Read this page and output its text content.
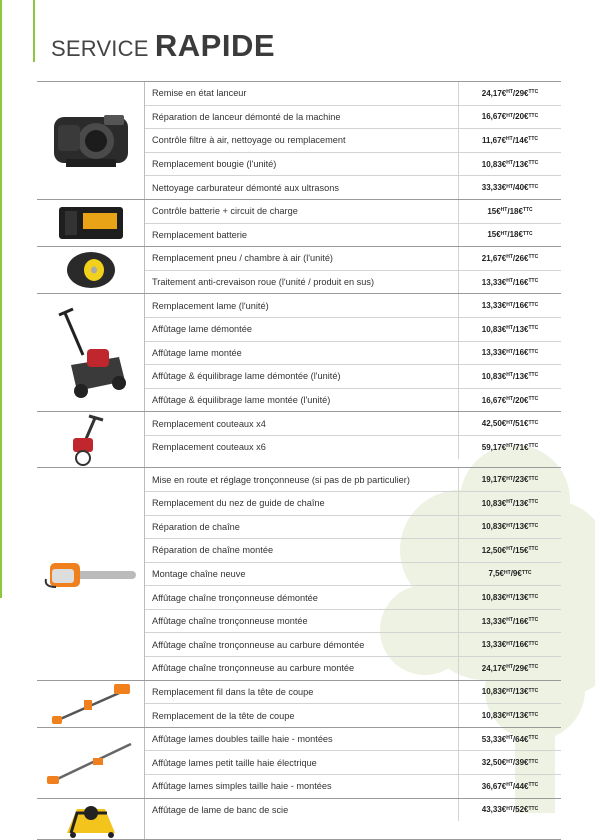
SERVICE RAPIDE
Remise en état lanceur	24,17€$^{HT}$ / 29€$^{TTC}$
Réparation de lanceur démonté de la machine	16,67€$^{HT}$ / 20€$^{TTC}$
Contrôle filtre à air, nettoyage ou remplacement	11,67€$^{HT}$ / 14€$^{TTC}$
Remplacement bougie (l'unité)	10,83€$^{HT}$ / 13€$^{TTC}$
Nettoyage carburateur démonté aux ultrasons	33,33€$^{HT}$ / 40€$^{TTC}$
Contrôle batterie + circuit de charge	15€$^{HT}$ / 18€$^{TTC}$
Remplacement batterie	15€$^{HT}$ / 18€$^{TTC}$
Remplacement pneu / chambre à air (l'unité)	21,67€$^{HT}$ / 26€$^{TTC}$
Traitement anti-crevaison roue (l'unité / produit en sus)	13,33€$^{HT}$ / 16€$^{TTC}$
Remplacement lame (l'unité)	13,33€$^{HT}$ / 16€$^{TTC}$
Affûtage lame démontée	10,83€$^{HT}$ / 13€$^{TTC}$
Affûtage lame montée	13,33€$^{HT}$ / 16€$^{TTC}$
Affûtage & équilibrage lame démontée (l'unité)	10,83€$^{HT}$ / 13€$^{TTC}$
Affûtage & équilibrage lame montée (l'unité)	16,67€$^{HT}$ / 20€$^{TTC}$
Remplacement couteaux x4	42,50€$^{HT}$ / 51€$^{TTC}$
Remplacement couteaux x6	59,17€$^{HT}$ / 71€$^{TTC}$
Mise en route et réglage tronçonneuse (si pas de pb particulier)	19,17€$^{HT}$ / 23€$^{TTC}$
Remplacement du nez de guide de chaîne	10,83€$^{HT}$ / 13€$^{TTC}$
Réparation de chaîne	10,83€$^{HT}$ / 13€$^{TTC}$
Réparation de chaîne montée	12,50€$^{HT}$ / 15€$^{TTC}$
Montage chaîne neuve	7,5€$^{HT}$ / 9€$^{TTC}$
Affûtage chaîne tronçonneuse démontée	10,83€$^{HT}$ / 13€$^{TTC}$
Affûtage chaîne tronçonneuse montée	13,33€$^{HT}$ / 16€$^{TTC}$
Affûtage chaîne tronçonneuse au carbure démontée	13,33€$^{HT}$ / 16€$^{TTC}$
Affûtage chaîne tronçonneuse au carbure montée	24,17€$^{HT}$ / 29€$^{TTC}$
Remplacement fil dans la tête de coupe	10,83€$^{HT}$ / 13€$^{TTC}$
Remplacement de la tête de coupe	10,83€$^{HT}$ / 13€$^{TTC}$
Affûtage lames doubles taille haie - montées	53,33€$^{HT}$ / 64€$^{TTC}$
Affûtage lames petit taille haie électrique	32,50€$^{HT}$ / 39€$^{TTC}$
Affûtage lames simples taille haie - montées	36,67€$^{HT}$ / 44€$^{TTC}$
Affûtage de lame de banc de scie	43,33€$^{HT}$ / 52€$^{TTC}$
